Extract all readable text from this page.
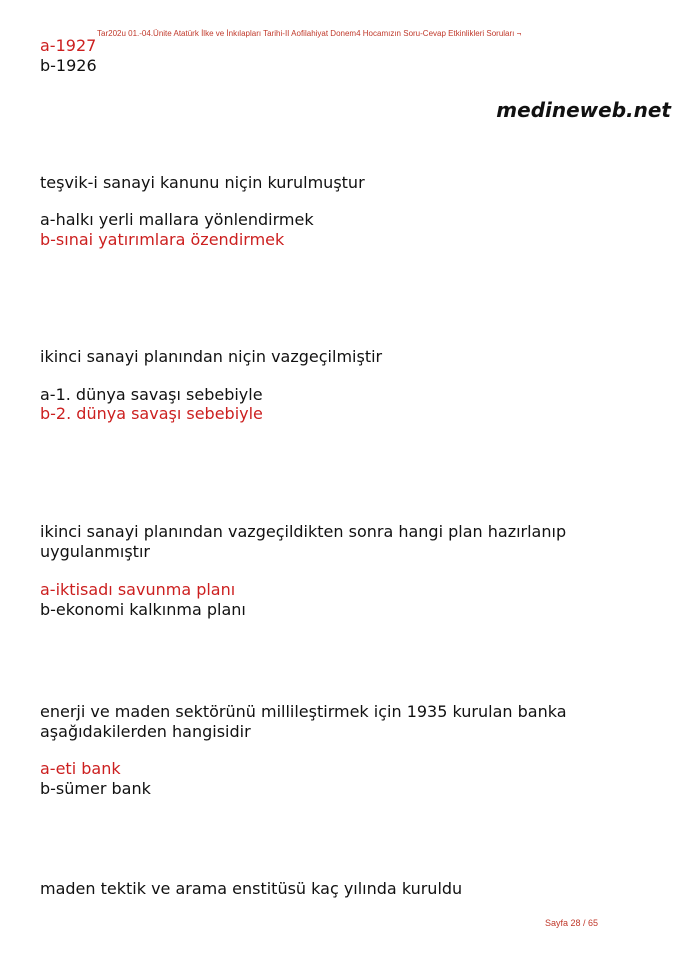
Tar202u 01.-04.Ünite Atatürk İlke ve İnkılapları Tarihi-II Aofilahiyat Donem4 Hocamızın Soru-Cevap Etkinlikleri Soruları ¬
a-1927
b-1926
medineweb.net
teşvik-i sanayi kanunu niçin kurulmuştur
a-halkı yerli mallara yönlendirmek
b-sınai yatırımlara özendirmek
ikinci sanayi planından niçin vazgeçilmiştir
a-1. dünya savaşı sebebiyle
b-2. dünya savaşı sebebiyle
ikinci sanayi planından vazgeçildikten sonra hangi plan hazırlanıp uygulanmıştır
a-iktisadı savunma planı
b-ekonomi kalkınma planı
enerji ve maden sektörünü millileştirmek için 1935 kurulan banka aşağıdakilerden hangisidir
a-eti bank
b-sümer bank
maden tektik ve arama enstitüsü kaç yılında kuruldu
Sayfa 28 / 65
